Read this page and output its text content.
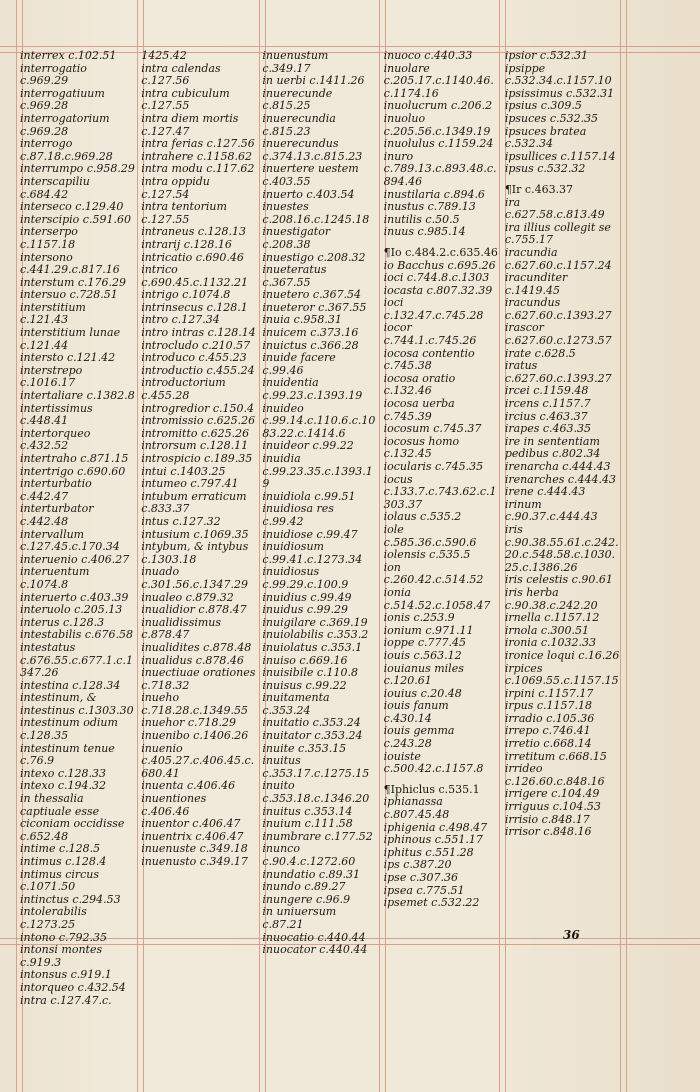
interrex c.102.51
interrogatio c.969.29
interrogatiuum c.969.28
interrogatorium c.969.28
interrogo c.87.18.c.969.28
interrumpo c.958.29
interscapiliu c.684.42
interseco c.129.40
interscipio c.591.60
interserpo c.1157.18
intersono c.441.29.c.817.16
interstum c.176.29
intersuo c.728.51
interstitium c.121.43
interstitium lunae c.121.44
intersto c.121.42
interstrepo c.1016.17
intertaliare c.1382.8
intertissimus c.448.41
intertorqueo c.432.52
intertraho c.871.15
intertrigo c.690.60
interturbatio c.442.47
interturbator c.442.48
intervallum c.127.45.c.170.34
interuenio c.406.27
interuentum c.1074.8
interuerto c.403.39
interuolo c.205.13
interus c.128.3
intestabilis c.676.58
intestatus c.676.55.c.677.1.c.1347.26
intestina c.128.34
intestinum, & intestinus c.1303.30
intestinum odium c.128.35
intestinum tenue c.76.9
intexo c.128.33
intexo c.194.32
in thessalia captiuale esse ciconiam occidisse c.652.48
intime c.128.5
intimus c.128.4
intimus circus c.1071.50
intinctus c.294.53
intolerabilis c.1273.25
intono c.792.35
intonsi montes c.919.3
intonsus c.919.1
intorqueo c.432.54
intra c.127.47.c.
1425.42
intra calendas c.127.56
intra cubiculum c.127.55
intra diem mortis c.127.47
intra ferias c.127.56
intrahere c.1158.62
intra modu c.117.62
intra oppidu c.127.54
intra tentorium c.127.55
intraneus c.128.13
intrarij c.128.16
intricatio c.690.46
intrico c.690.45.c.1132.21
intrigo c.1074.8
intrinsecus c.128.1
intro c.127.34
intro intras c.128.14
introcludo c.210.57
introduco c.455.23
introductio c.455.24
introductorium c.455.28
introgredior c.150.4
intromissio c.625.26
intromitto c.625.26
introrsum c.128.11
introspicio c.189.35
intui c.1403.25
intumeo c.797.41
intubum erraticum c.833.37
intus c.127.32
intusium c.1069.35
intybum, & intybus c.1303.18
inuado c.301.56.c.1347.29
inualeo c.879.32
inualidior c.878.47
inualidissimus c.878.47
inualidites c.878.48
inualidus c.878.46
inuectiuae orationes c.718.32
inueho c.718.28.c.1349.55
inuehor c.718.29
inuenibo c.1406.26
inuenio c.405.27.c.406.45.c.680.41
inuenta c.406.46
inuentiones c.406.46
inuentor c.406.47
inuentrix c.406.47
inuenuste c.349.18
inuenusto c.349.17
inuenustum c.349.17
in uerbi c.1411.26
inuerecunde c.815.25
inuerecundia c.815.23
inuerecundus c.374.13.c.815.23
inuertere uestem c.403.55
inuerto c.403.54
inuestes c.208.16.c.1245.18
inuestigator c.208.38
inuestigo c.208.32
inueteratus c.367.55
inuetero c.367.54
inueteror c.367.55
inuia c.958.31
inuicem c.373.16
inuictus c.366.28
inuide facere c.99.46
inuidentia c.99.23.c.1393.19
inuideo c.99.14.c.110.6.c.1083.22.c.1414.6
inuideor c.99.22
inuidia c.99.23.35.c.1393.19
inuidiola c.99.51
inuidiosa res c.99.42
inuidiose c.99.47
inuidiosum c.99.41.c.1273.34
inuidiosus c.99.29.c.100.9
inuidius c.99.49
inuidus c.99.29
inuigilare c.369.19
inuiolabilis c.353.2
inuiolatus c.353.1
inuiso c.669.16
inuisibile c.110.8
inuisus c.99.22
inuitamenta c.353.24
inuitatio c.353.24
inuitator c.353.24
inuite c.353.15
inuitus c.353.17.c.1275.15
inuito c.353.18.c.1346.20
inuitus c.353.14
inuium c.111.58
inumbrare c.177.52
inunco c.90.4.c.1272.60
inundatio c.89.31
inundo c.89.27
inungere c.96.9
in uniuersum c.87.21
inuocatio c.440.44
inuocator c.440.44
inuoco c.440.33
inuolare c.205.17.c.1140.46.c.1174.16
inuolucrum c.206.2
inuoluo c.205.56.c.1349.19
inuolulus c.1159.24
inuro c.789.13.c.893.48.c.894.46
inustilaria c.894.6
inustus c.789.13
inutilis c.50.5
inuus c.985.14
¶Io c.484.2.c.635.46
io Bacchus c.695.26
ioci c.744.8.c.1303
iocasta c.807.32.39
ioci c.132.47.c.745.28
iocor c.744.1.c.745.26
iocosa contentio c.745.38
iocosa oratio c.132.46
iocosa uerba c.745.39
iocosum c.745.37
iocosus homo c.132.45
iocularis c.745.35
iocus c.133.7.c.743.62.c.1303.37
iolaus c.535.2
iole c.585.36.c.590.6
iolensis c.535.5
ion c.260.42.c.514.52
ionia c.514.52.c.1058.47
ionis c.253.9
ionium c.971.11
ioppe c.777.45
iouis c.563.12
iouianus miles c.120.61
iouius c.20.48
iouis fanum c.430.14
iouis gemma c.243.28
iouiste c.500.42.c.1157.8
¶Iphiclus c.535.1
iphianassa c.807.45.48
iphigenia c.498.47
iphinous c.551.17
iphitus c.551.28
ips c.387.20
ipse c.307.36
ipsea c.775.51
ipsemet c.532.22
ipsior c.532.31
ipsippe c.532.34.c.1157.10
ipsissimus c.532.31
ipsius c.309.5
ipsuces c.532.35
ipsuces bratea c.532.34
ipsullices c.1157.14
ipsus c.532.32
¶Ir c.463.37
ira c.627.58.c.813.49
ira illius collegit se c.755.17
iracundia c.627.60.c.1157.24
iracunditer c.1419.45
iracundus c.627.60.c.1393.27
irascor c.627.60.c.1273.57
irate c.628.5
iratus c.627.60.c.1393.27
ircei c.1159.48
ircens c.1157.7
ircius c.463.37
irapes c.463.35
ire in sententiam pedibus c.802.34
irenarcha c.444.43
irenarches c.444.43
irene c.444.43
irinum c.90.37.c.444.43
iris c.90.38.55.61.c.242.20.c.548.58.c.1030.25.c.1386.26
iris celestis c.90.61
iris herba c.90.38.c.242.20
irnella c.1157.12
irnola c.300.51
ironia c.1032.33
ironice loqui c.16.26
irpices c.1069.55.c.1157.15
irpini c.1157.17
irpus c.1157.18
irradio c.105.36
irrepo c.746.41
irretio c.668.14
irretitum c.668.15
irrideo c.126.60.c.848.16
irrigere c.104.49
irriguus c.104.53
irrisio c.848.17
irrisor c.848.16
36
